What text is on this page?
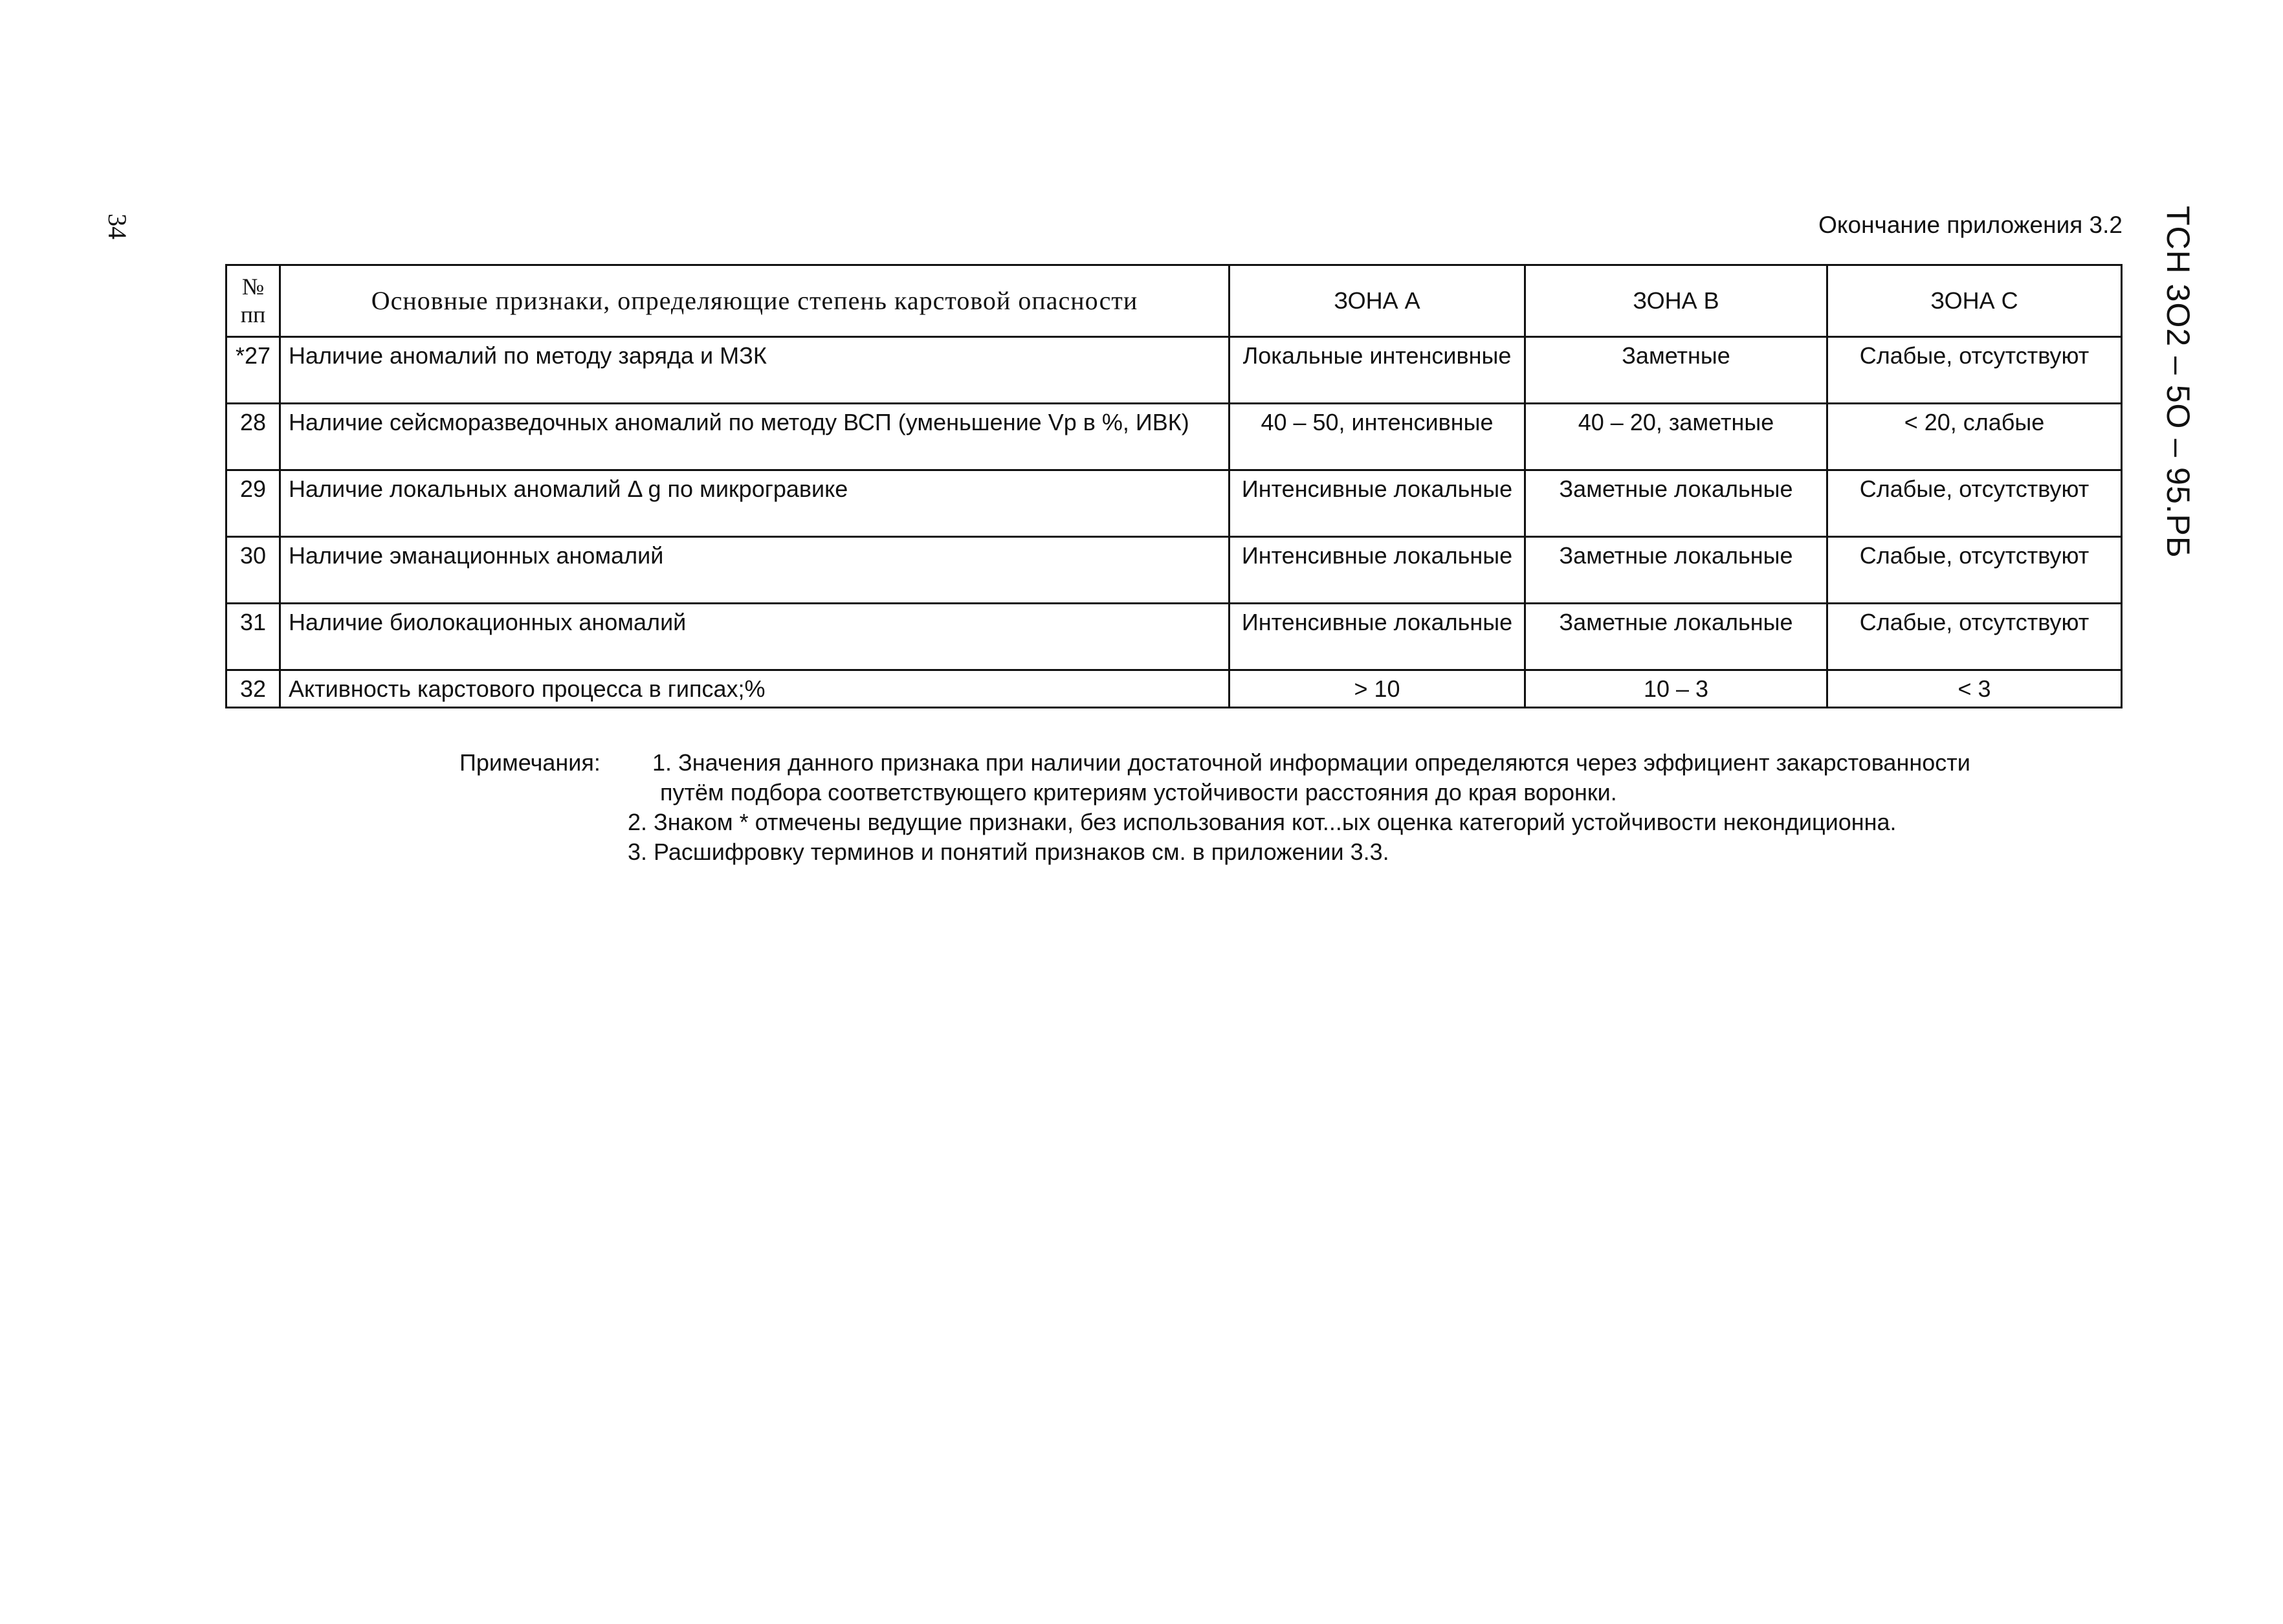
34	ТСН 3О2 – 5О – 95.РБ
Окончание приложения 3.2
№ пп	Основные признаки, определяющие степень карстовой опасности	ЗОНА А	ЗОНА В	ЗОНА С
*27	Наличие аномалий по методу заряда и МЗК	Локальные интенсивные	Заметные	Слабые, отсутствуют
28	Наличие сейсморазведочных аномалий по методу ВСП (уменьшение Vp в %, ИВК)	40 – 50, интенсивные	40 – 20, заметные	< 20, слабые
29	Наличие локальных аномалий Δ g по микрогравике	Интенсивные локальные	Заметные локальные	Слабые, отсутствуют
30	Наличие эманационных аномалий	Интенсивные локальные	Заметные локальные	Слабые, отсутствуют
31	Наличие биолокационных аномалий	Интенсивные локальные	Заметные локальные	Слабые, отсутствуют
32	Активность карстового процесса в гипсах;%	> 10	10 – 3	< 3
Примечания:	1. Значения данного признака при наличии достаточной информации определяются через эффициент закарстованности
путём подбора соответствующего критериям устойчивости расстояния до края воронки.
2. Знаком * отмечены ведущие признаки, без использования кот...ых оценка категорий устойчивости некондиционна.
3. Расшифровку терминов и понятий признаков см. в приложении 3.3.
